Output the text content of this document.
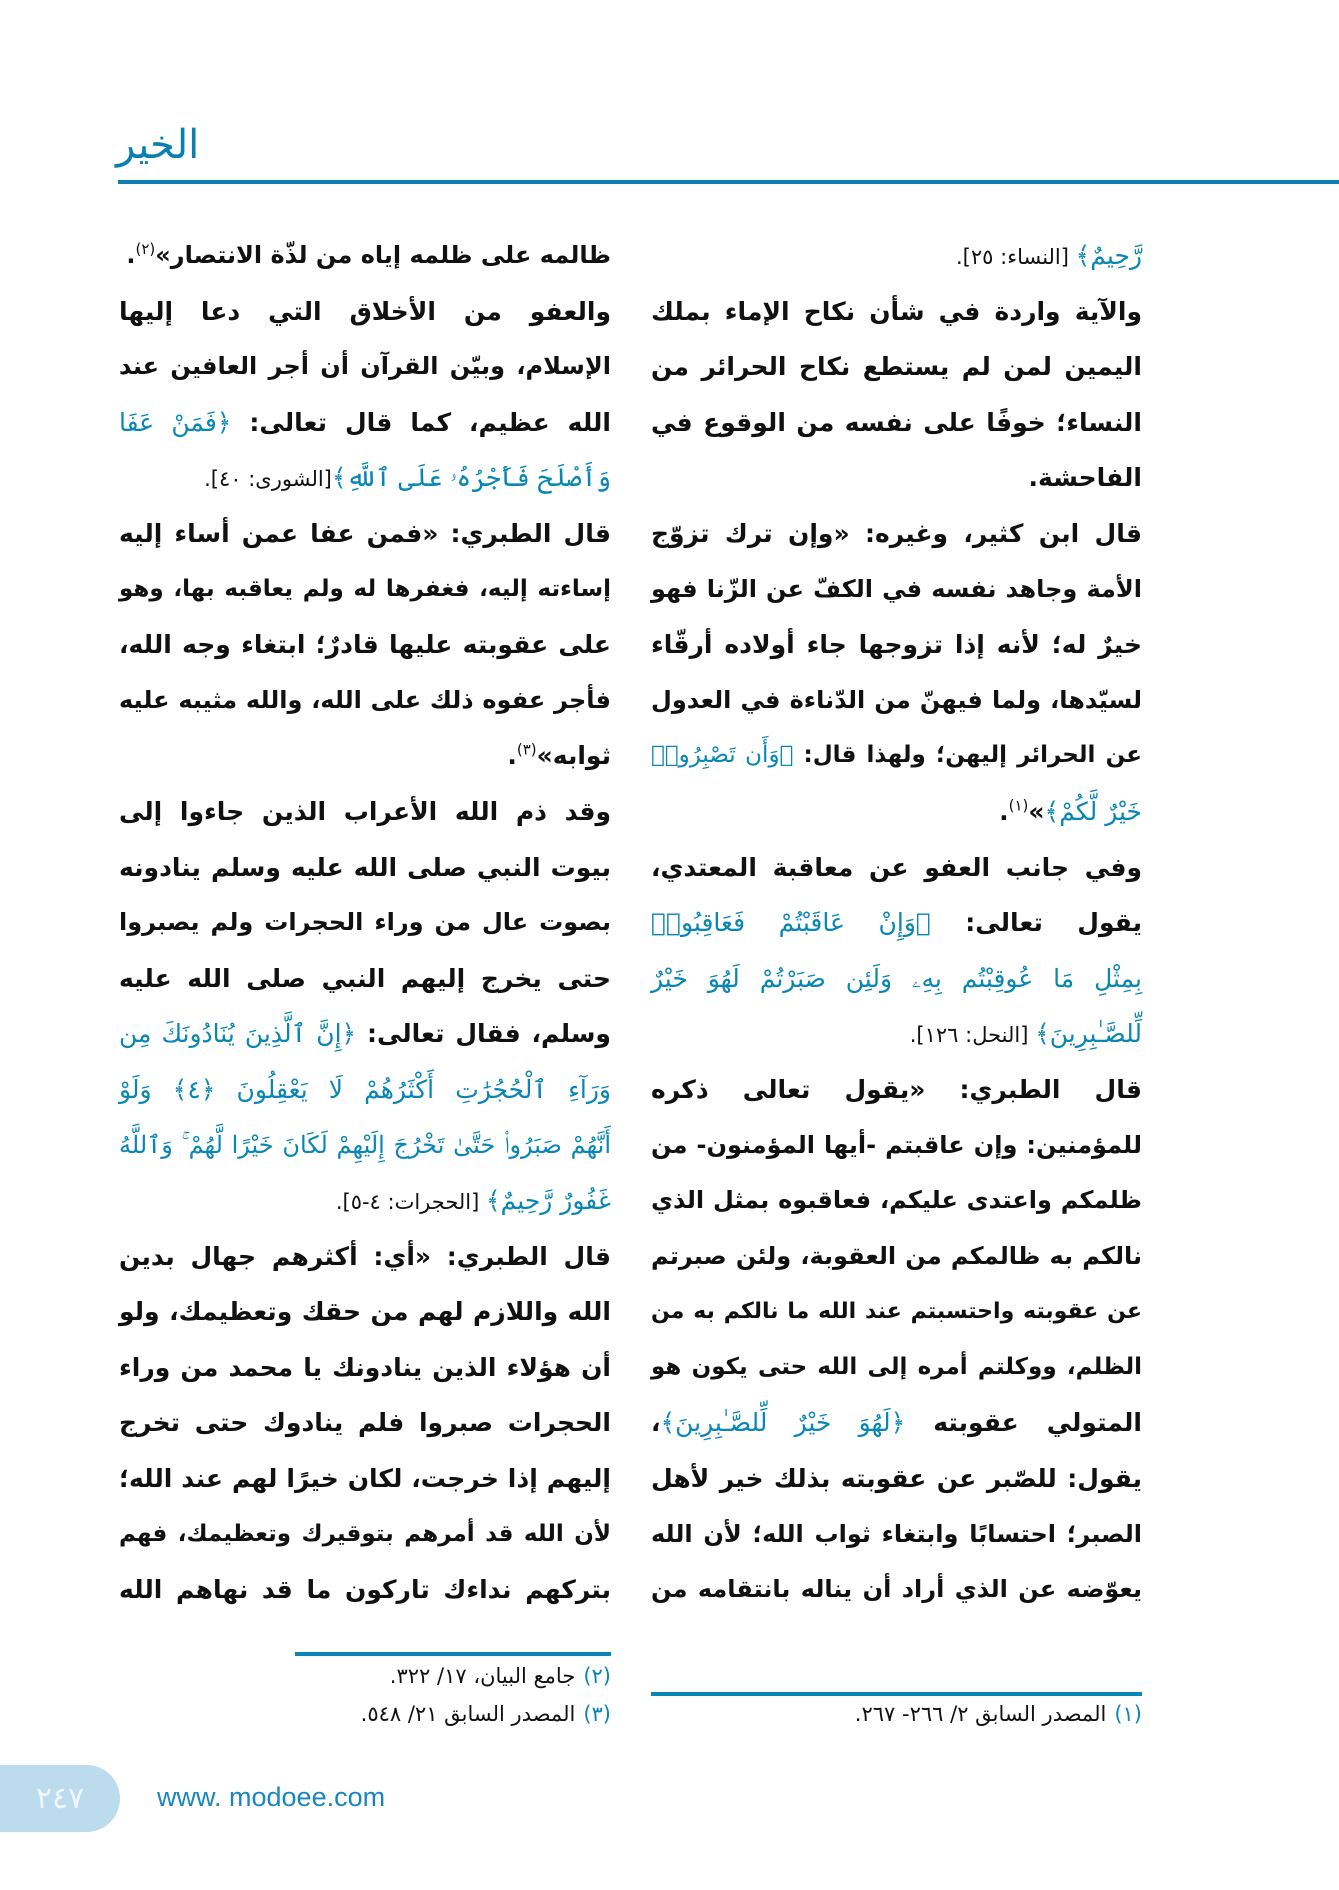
الخير
رَّحِيمٌ﴾ [النساء: ٢٥].
والآية واردة في شأن نكاح الإماء بملك
اليمين لمن لم يستطع نكاح الحرائر من
النساء؛ خوفًا على نفسه من الوقوع في
الفاحشة.
قال ابن كثير، وغيره: «وإن ترك تزوّج
الأمة وجاهد نفسه في الكفّ عن الزّنا فهو
خيرٌ له؛ لأنه إذا تزوجها جاء أولاده أرقّاء
لسيّدها، ولما فيهنّ من الدّناءة في العدول
عن الحرائر إليهن؛ ولهذا قال: ﴿وَأَن تَصْبِرُوا۟
خَيْرٌ لَّكُمْ﴾»$^{(١)}$.
وفي جانب العفو عن معاقبة المعتدي،
يقول تعالى: ﴿وَإِنْ عَاقَبْتُمْ فَعَاقِبُوا۟
بِمِثْلِ مَا عُوقِبْتُم بِهِۦ وَلَئِن صَبَرْتُمْ لَهُوَ خَيْرٌ
لِّلصَّـٰبِرِينَ﴾ [النحل: ١٢٦].
قال الطبري: «يقول تعالى ذكره
للمؤمنين: وإن عاقبتم -أيها المؤمنون- من
ظلمكم واعتدى عليكم، فعاقبوه بمثل الذي
نالكم به ظالمكم من العقوبة، ولئن صبرتم
عن عقوبته واحتسبتم عند الله ما نالكم به من
الظلم، ووكلتم أمره إلى الله حتى يكون هو
المتولي عقوبته ﴿لَهُوَ خَيْرٌ لِّلصَّـٰبِرِينَ﴾،
يقول: للصّبر عن عقوبته بذلك خير لأهل
الصبر؛ احتسابًا وابتغاء ثواب الله؛ لأن الله
يعوّضه عن الذي أراد أن يناله بانتقامه من
ظالمه على ظلمه إياه من لذّة الانتصار»$^{(٢)}$.
والعفو من الأخلاق التي دعا إليها
الإسلام، وبيّن القرآن أن أجر العافين عند
الله عظيم، كما قال تعالى: ﴿فَمَنْ عَفَا
وَأَصْلَحَ فَأَجْرُهُۥ عَلَى ٱللَّهِ﴾[الشورى: ٤٠].
قال الطبري: «فمن عفا عمن أساء إليه
إساءته إليه، فغفرها له ولم يعاقبه بها، وهو
على عقوبته عليها قادرٌ؛ ابتغاء وجه الله،
فأجر عفوه ذلك على الله، والله مثيبه عليه
ثوابه»$^{(٣)}$.
وقد ذم الله الأعراب الذين جاءوا إلى
بيوت النبي صلى الله عليه وسلم ينادونه
بصوت عال من وراء الحجرات ولم يصبروا
حتى يخرج إليهم النبي صلى الله عليه
وسلم، فقال تعالى: ﴿إِنَّ ٱلَّذِينَ يُنَادُونَكَ مِن
وَرَآءِ ٱلْحُجُرَٰتِ أَكْثَرُهُمْ لَا يَعْقِلُونَ ﴿٤﴾ وَلَوْ
أَنَّهُمْ صَبَرُوا۟ حَتَّىٰ تَخْرُجَ إِلَيْهِمْ لَكَانَ خَيْرًا لَّهُمْ ۚ وَٱللَّهُ
غَفُورٌ رَّحِيمٌ﴾ [الحجرات: ٤-٥].
قال الطبري: «أي: أكثرهم جهال بدين
الله واللازم لهم من حقك وتعظيمك، ولو
أن هؤلاء الذين ينادونك يا محمد من وراء
الحجرات صبروا فلم ينادوك حتى تخرج
إليهم إذا خرجت، لكان خيرًا لهم عند الله؛
لأن الله قد أمرهم بتوقيرك وتعظيمك، فهم
بتركهم نداءك تاركون ما قد نهاهم الله
(١)المصدر السابق ٢/ ٢٦٦- ٢٦٧.
(٢)جامع البيان، ١٧/ ٣٢٢.
(٣)المصدر السابق ٢١/ ٥٤٨.
٢٤٧	www. modoee.com
